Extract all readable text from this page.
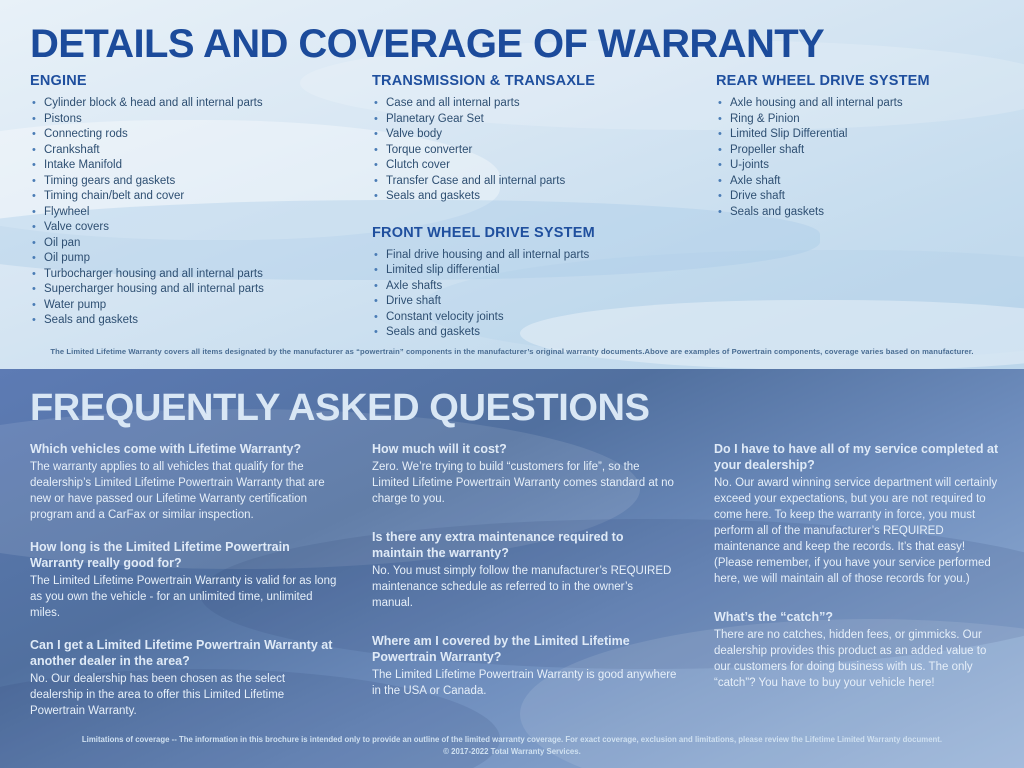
DETAILS AND COVERAGE OF WARRANTY
ENGINE
• Cylinder block & head and all internal parts
• Pistons
• Connecting rods
• Crankshaft
• Intake Manifold
• Timing gears and gaskets
• Timing chain/belt and cover
• Flywheel
• Valve covers
• Oil pan
• Oil pump
• Turbocharger housing and all internal parts
• Supercharger housing and all internal parts
• Water pump
• Seals and gaskets
TRANSMISSION & TRANSAXLE
• Case and all internal parts
• Planetary Gear Set
• Valve body
• Torque converter
• Clutch cover
• Transfer Case and all internal parts
• Seals and gaskets
FRONT WHEEL DRIVE SYSTEM
• Final drive housing and all internal parts
• Limited slip differential
• Axle shafts
• Drive shaft
• Constant velocity joints
• Seals and gaskets
REAR WHEEL DRIVE SYSTEM
• Axle housing and all internal parts
• Ring & Pinion
• Limited Slip Differential
• Propeller shaft
• U-joints
• Axle shaft
• Drive shaft
• Seals and gaskets
The Limited Lifetime Warranty covers all items designated by the manufacturer as “powertrain” components in the manufacturer’s original warranty documents.Above are examples of Powertrain components, coverage varies based on manufacturer.
FREQUENTLY ASKED QUESTIONS
Which vehicles come with Lifetime Warranty?
The warranty applies to all vehicles that qualify for the dealership’s Limited Lifetime Powertrain Warranty that are new or have passed our Lifetime Warranty certification program and a CarFax or similar inspection.
How long is the Limited Lifetime Powertrain Warranty really good for?
The Limited Lifetime Powertrain Warranty is valid for as long as you own the vehicle - for an unlimited time, unlimited miles.
Can I get a Limited Lifetime Powertrain Warranty at another dealer in the area?
No. Our dealership has been chosen as the select dealership in the area to offer this Limited Lifetime Powertrain Warranty.
How much will it cost?
Zero. We’re trying to build “customers for life”, so the Limited Lifetime Powertrain Warranty comes standard at no charge to you.
Is there any extra maintenance required to maintain the warranty?
No. You must simply follow the manufacturer’s REQUIRED maintenance schedule as referred to in the owner’s manual.
Where am I covered by the Limited Lifetime Powertrain Warranty?
The Limited Lifetime Powertrain Warranty is good anywhere in the USA or Canada.
Do I have to have all of my service completed at your dealership?
No. Our award winning service department will certainly exceed your expectations, but you are not required to come here. To keep the warranty in force, you must perform all of the manufacturer’s REQUIRED maintenance and keep the records. It’s that easy! (Please remember, if you have your service performed here, we will maintain all of those records for you.)
What’s the “catch”?
There are no catches, hidden fees, or gimmicks. Our dealership provides this product as an added value to our customers for doing business with us. The only “catch”? You have to buy your vehicle here!
Limitations of coverage -- The information in this brochure is intended only to provide an outline of the limited warranty coverage. For exact coverage, exclusion and limitations, please review the Lifetime Limited Warranty document.
© 2017-2022 Total Warranty Services.
